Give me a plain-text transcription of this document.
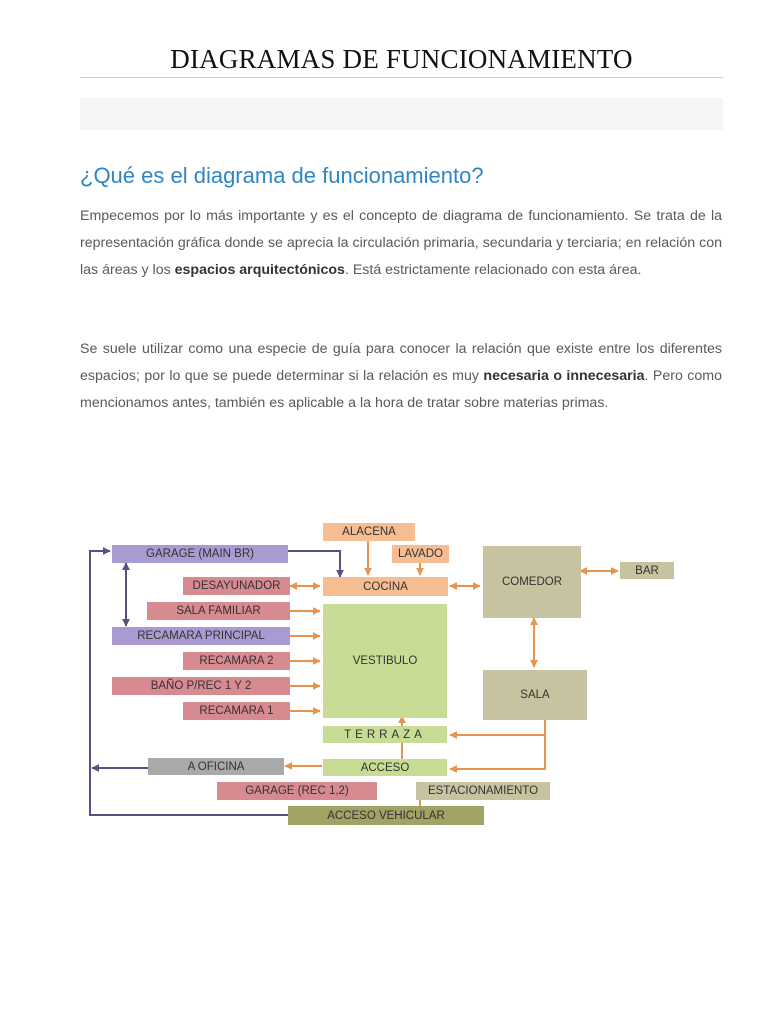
DIAGRAMAS DE FUNCIONAMIENTO
¿Qué es el diagrama de funcionamiento?
Empecemos por lo más importante y es el concepto de diagrama de funcionamiento. Se trata de la representación gráfica donde se aprecia la circulación primaria, secundaria y terciaria; en relación con las áreas y los espacios arquitectónicos. Está estrictamente relacionado con esta área.
Se suele utilizar como una especie de guía para conocer la relación que existe entre los diferentes espacios; por lo que se puede determinar si la relación es muy necesaria o innecesaria. Pero como mencionamos antes, también es aplicable a la hora de tratar sobre materias primas.
ALACENA
LAVADO
GARAGE (MAIN BR)
DESAYUNADOR	COCINA	COMEDOR
BAR
SALA FAMILIAR
RECAMARA PRINCIPAL
VESTIBULO
RECAMARA 2
SALA
BAÑO P/REC 1 Y 2
RECAMARA 1
TERRAZA
A OFICINA	ACCESO
GARAGE (REC 1,2)	ESTACIONAMIENTO
ACCESO VEHICULAR
